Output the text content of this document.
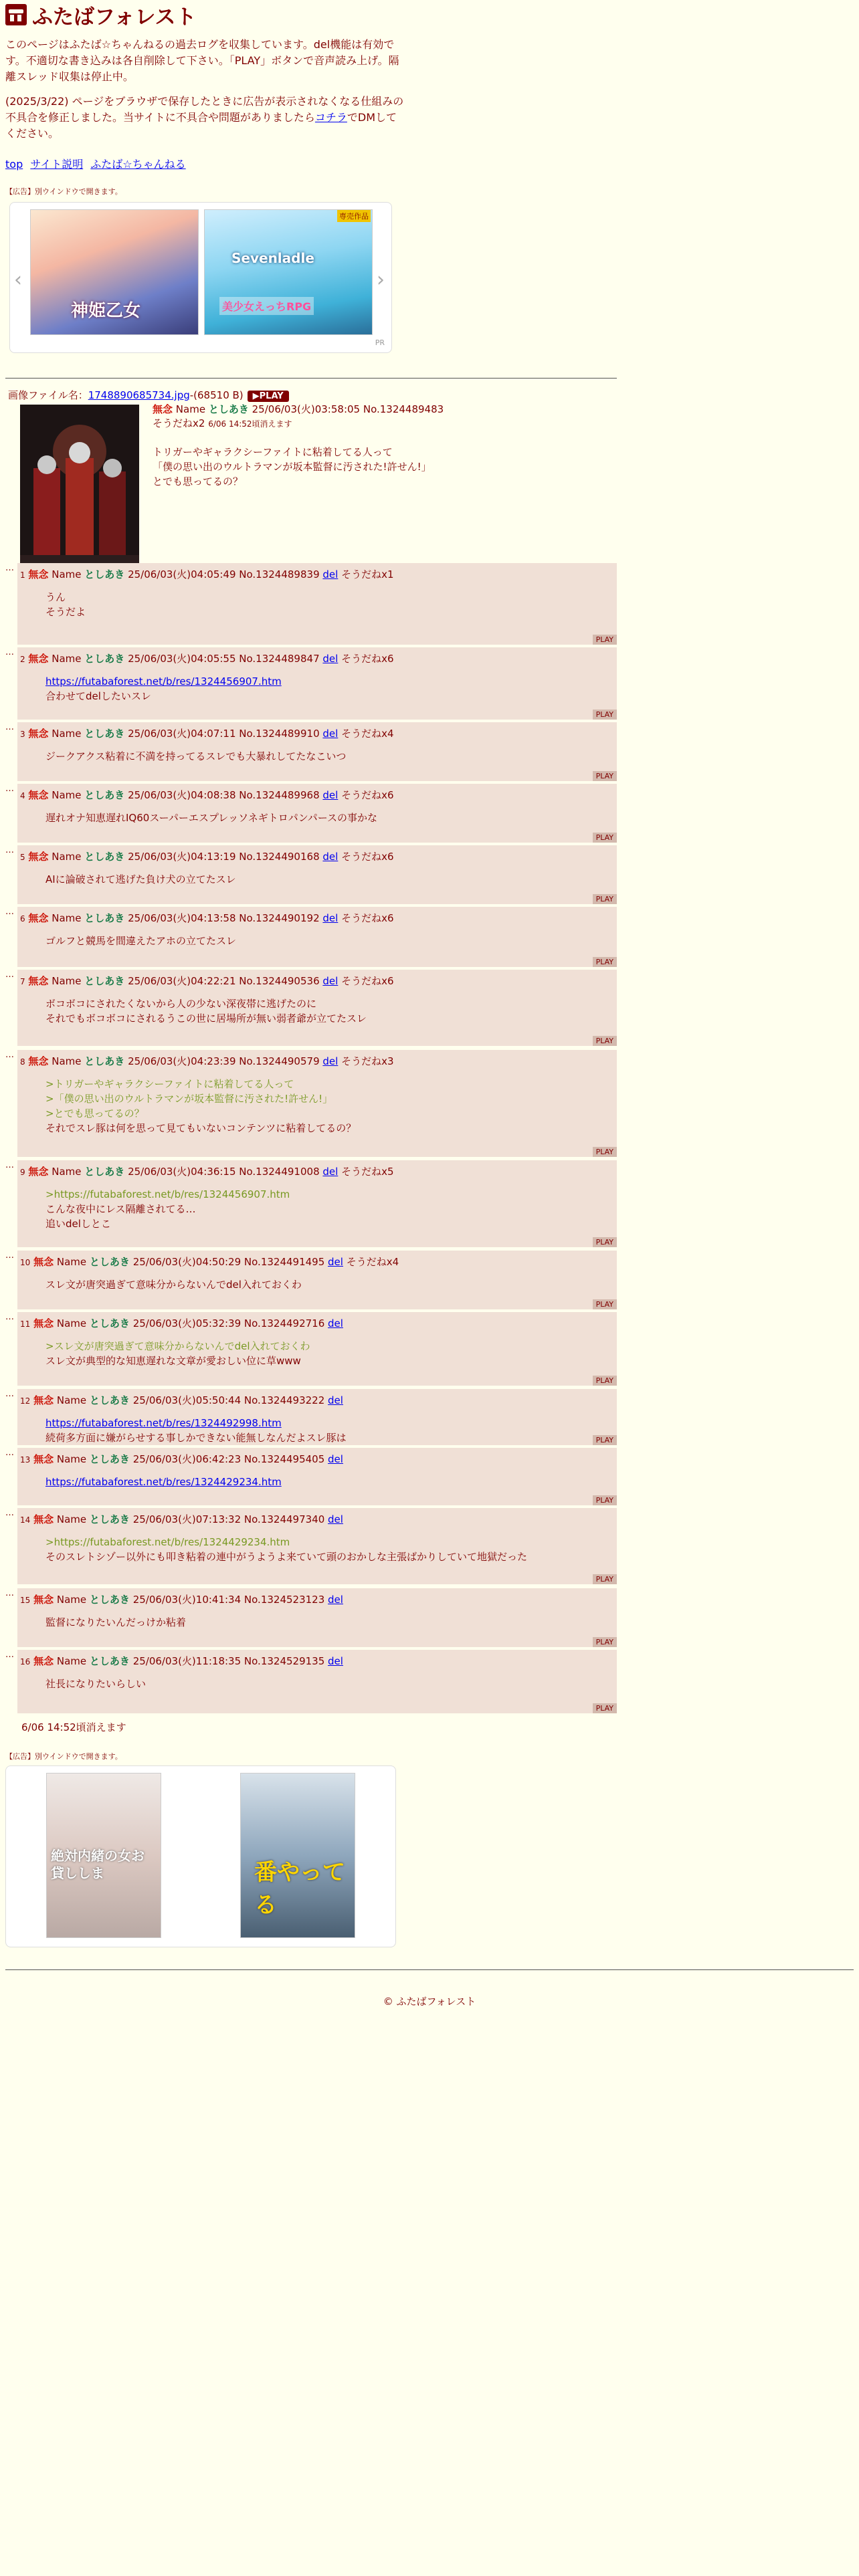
ふたばフォレスト

このページはふたば☆ちゃんねるの過去ログを収集しています。del機能は有効です。不適切な書き込みは各自削除して下さい。「PLAY」ボタンで音声読み上げ。隔離スレッド収集は停止中。

(2025/3/22) ページをブラウザで保存したときに広告が表示されなくなる仕組みの不具合を修正しました。当サイトに不具合や問題がありましたらコチラでDMしてください。

top サイト説明 ふたば☆ちゃんねる
【広告】別ウインドウで開きます。
‹
神姫乙女
専売作品
Sevenladle
美少女えっちRPG
›
PR
画像ファイル名：1748890685734.jpg-(68510 B) ▶PLAY
無念 Name としあき 25/06/03(火)03:58:05 No.1324489483
そうだねx2 6/06 14:52頃消えます
トリガーやギャラクシーファイトに粘着してる人って
「僕の思い出のウルトラマンが坂本監督に汚された!許せん!」
とでも思ってるの？
…
1 無念 Name としあき 25/06/03(火)04:05:49 No.1324489839 del そうだねx1
うん
そうだよ
PLAY
…
2 無念 Name としあき 25/06/03(火)04:05:55 No.1324489847 del そうだねx6
https://futabaforest.net/b/res/1324456907.htm
合わせてdelしたいスレ
PLAY
…
3 無念 Name としあき 25/06/03(火)04:07:11 No.1324489910 del そうだねx4
ジークアクス粘着に不満を持ってるスレでも大暴れしてたなこいつ
PLAY
…
4 無念 Name としあき 25/06/03(火)04:08:38 No.1324489968 del そうだねx6
遅れオナ知恵遅れIQ60スーパーエスプレッソネギトロパンパースの事かな
PLAY
…
5 無念 Name としあき 25/06/03(火)04:13:19 No.1324490168 del そうだねx6
AIに論破されて逃げた負け犬の立てたスレ
PLAY
…
6 無念 Name としあき 25/06/03(火)04:13:58 No.1324490192 del そうだねx6
ゴルフと競馬を間違えたアホの立てたスレ
PLAY
…
7 無念 Name としあき 25/06/03(火)04:22:21 No.1324490536 del そうだねx6
ボコボコにされたくないから人の少ない深夜帯に逃げたのに
それでもボコボコにされるうこの世に居場所が無い弱者爺が立てたスレ
PLAY
…
8 無念 Name としあき 25/06/03(火)04:23:39 No.1324490579 del そうだねx3
>トリガーやギャラクシーファイトに粘着してる人って
>「僕の思い出のウルトラマンが坂本監督に汚された!許せん!」
>とでも思ってるの？
それでスレ豚は何を思って見てもいないコンテンツに粘着してるの？
PLAY
…
9 無念 Name としあき 25/06/03(火)04:36:15 No.1324491008 del そうだねx5
>https://futabaforest.net/b/res/1324456907.htm
こんな夜中にレス隔離されてる…
追いdelしとこ
PLAY
…
10 無念 Name としあき 25/06/03(火)04:50:29 No.1324491495 del そうだねx4
スレ文が唐突過ぎて意味分からないんでdel入れておくわ
PLAY
…
11 無念 Name としあき 25/06/03(火)05:32:39 No.1324492716 del
>スレ文が唐突過ぎて意味分からないんでdel入れておくわ
スレ文が典型的な知恵遅れな文章が愛おしい位に草www
PLAY
…
12 無念 Name としあき 25/06/03(火)05:50:44 No.1324493222 del
https://futabaforest.net/b/res/1324492998.htm
続荷多方面に嫌がらせする事しかできない能無しなんだよスレ豚は	PLAY
…
13 無念 Name としあき 25/06/03(火)06:42:23 No.1324495405 del
https://futabaforest.net/b/res/1324429234.htm
PLAY
…
14 無念 Name としあき 25/06/03(火)07:13:32 No.1324497340 del
>https://futabaforest.net/b/res/1324429234.htm
そのスレトシゾー以外にも叩き粘着の連中がうようよ来ていて頭のおかしな主張ばかりしていて地獄だった
PLAY
…
15 無念 Name としあき 25/06/03(火)10:41:34 No.1324523123 del
監督になりたいんだっけか粘着
PLAY
…
16 無念 Name としあき 25/06/03(火)11:18:35 No.1324529135 del
社長になりたいらしい
PLAY
6/06 14:52頃消えます
【広告】別ウインドウで開きます。
絶対内緒の女お貸ししま	番やってる
© ふたばフォレスト
